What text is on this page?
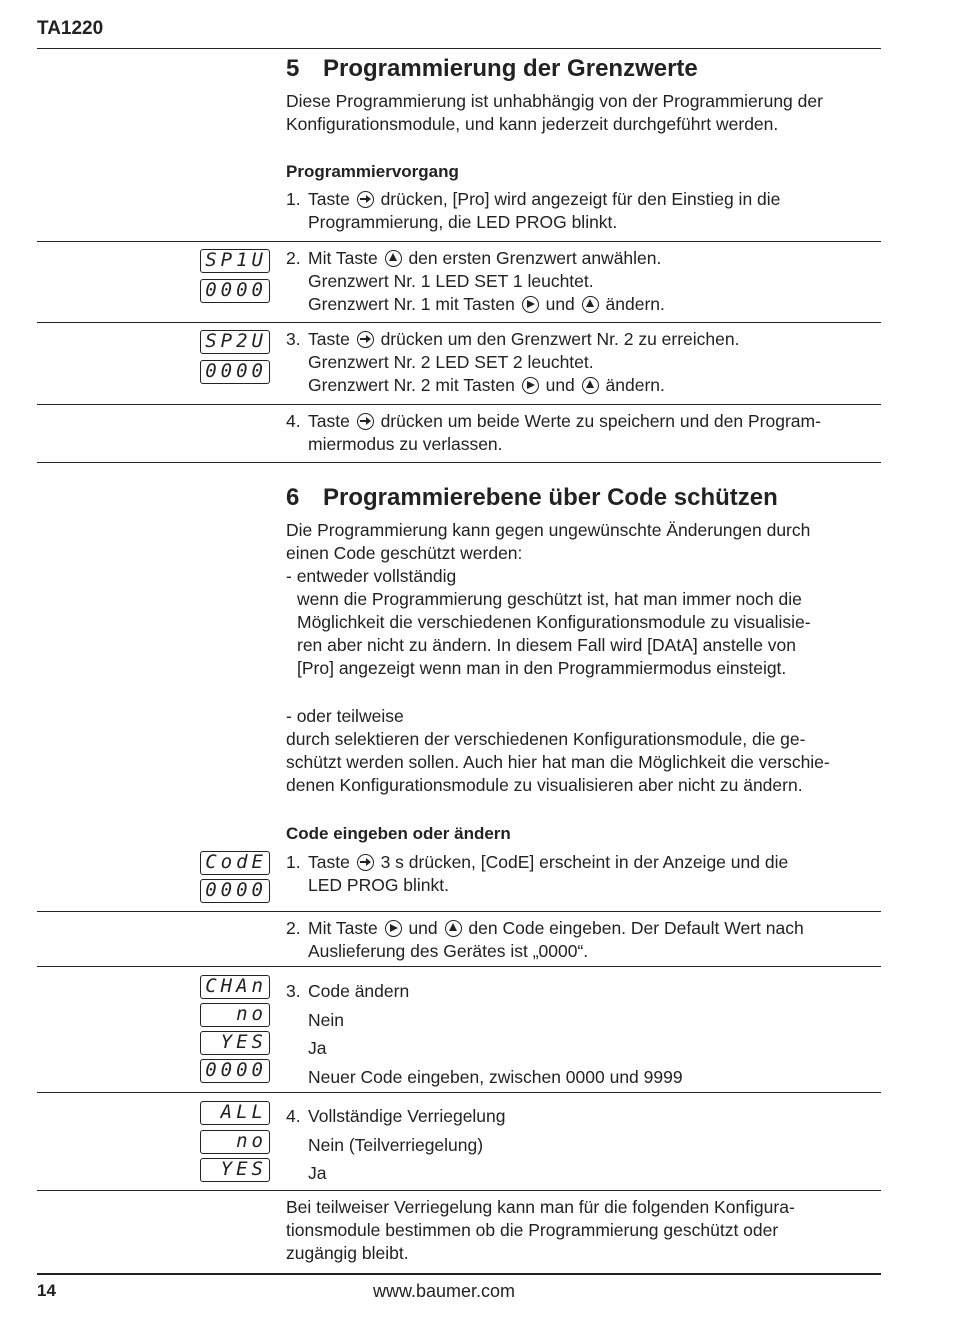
TA1220
5 Programmierung der Grenzwerte
Diese Programmierung ist unhabhängig von der Programmierung der
Konfigurationsmodule, und kann jederzeit durchgeführt werden.
Programmiervorgang
1. Taste drücken, [Pro] wird angezeigt für den Einstieg in die
Programmierung, die LED PROG blinkt.
SP1U
0000
2. Mit Taste den ersten Grenzwert anwählen.
Grenzwert Nr. 1 LED SET 1 leuchtet.
Grenzwert Nr. 1 mit Tasten und ändern.
SP2U
0000
3. Taste drücken um den Grenzwert Nr. 2 zu erreichen.
Grenzwert Nr. 2 LED SET 2 leuchtet.
Grenzwert Nr. 2 mit Tasten und ändern.
4. Taste drücken um beide Werte zu speichern und den Program-
miermodus zu verlassen.
6 Programmierebene über Code schützen
Die Programmierung kann gegen ungewünschte Änderungen durch
einen Code geschützt werden:
- entweder vollständig
wenn die Programmierung geschützt ist, hat man immer noch die
Möglichkeit die verschiedenen Konfigurationsmodule zu visualisie-
ren aber nicht zu ändern. In diesem Fall wird [DAtA] anstelle von
[Pro] angezeigt wenn man in den Programmiermodus einsteigt.
- oder teilweise
durch selektieren der verschiedenen Konfigurationsmodule, die ge-
schützt werden sollen. Auch hier hat man die Möglichkeit die verschie-
denen Konfigurationsmodule zu visualisieren aber nicht zu ändern.
Code eingeben oder ändern
CodE
0000
1. Taste 3 s drücken, [CodE] erscheint in der Anzeige und die
LED PROG blinkt.
2. Mit Taste und den Code eingeben. Der Default Wert nach
Auslieferung des Gerätes ist „0000“.
CHAn
no
YES
0000
3. Code ändern
Nein
Ja
Neuer Code eingeben, zwischen 0000 und 9999
ALL
no
YES
4. Vollständige Verriegelung
Nein (Teilverriegelung)
Ja
Bei teilweiser Verriegelung kann man für die folgenden Konfigura-
tionsmodule bestimmen ob die Programmierung geschützt oder
zugängig bleibt.
14	www.baumer.com
